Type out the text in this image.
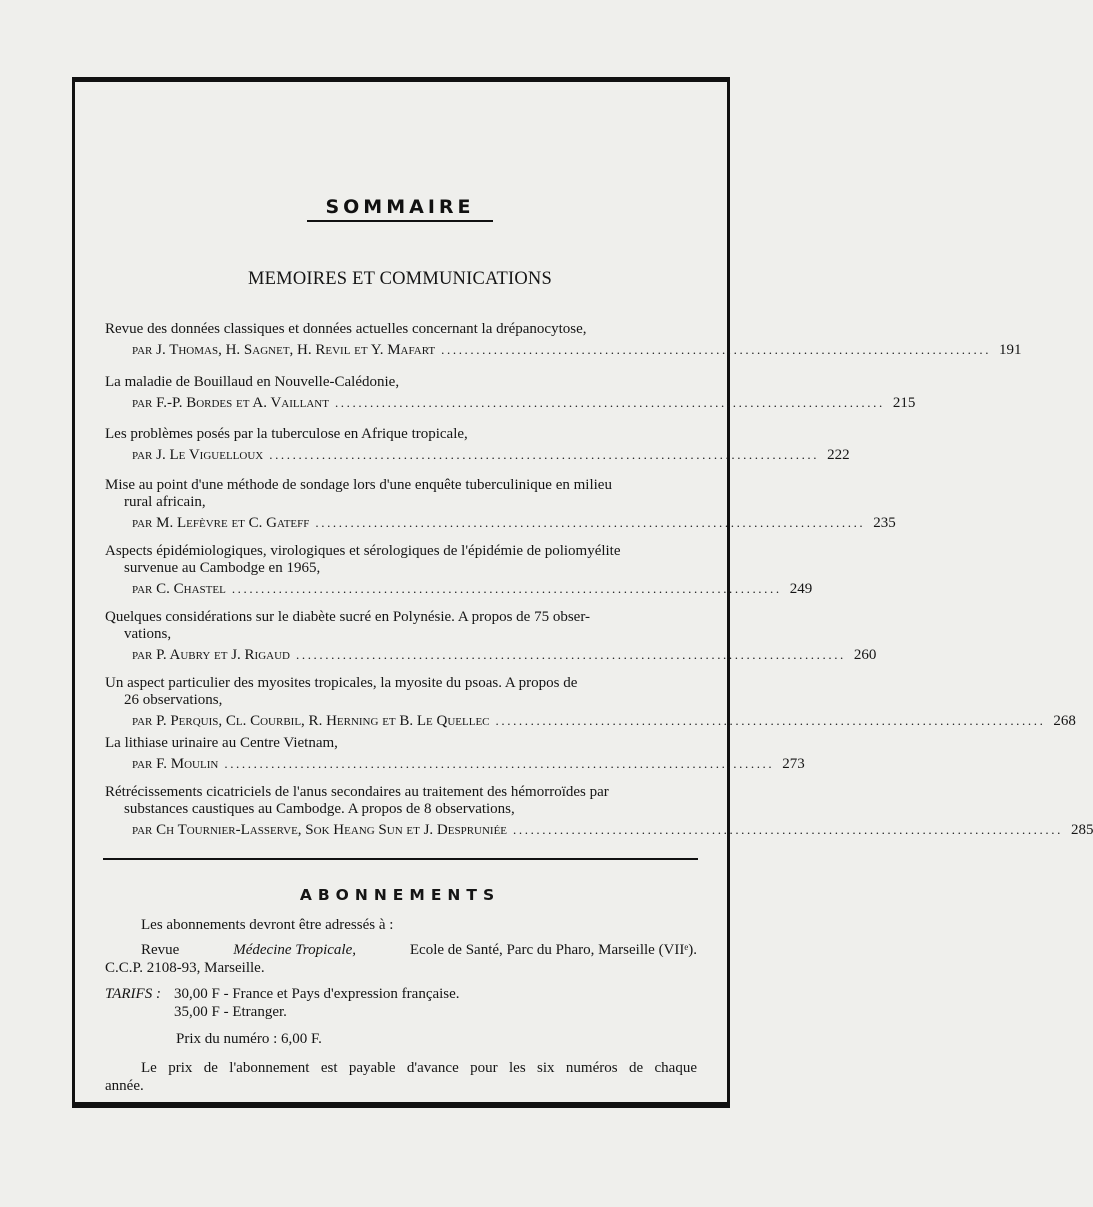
SOMMAIRE
MEMOIRES ET COMMUNICATIONS
Revue des données classiques et données actuelles concernant la drépanocytose,
par J. Thomas, H. Sagnet, H. Revil et Y. Mafart .............................................................................................. 191
La maladie de Bouillaud en Nouvelle-Calédonie,
par F.-P. Bordes et A. Vaillant .............................................................................................. 215
Les problèmes posés par la tuberculose en Afrique tropicale,
par J. Le Viguelloux .............................................................................................. 222
Mise au point d'une méthode de sondage lors d'une enquête tuberculinique en milieu
rural africain,
par M. Lefèvre et C. Gateff .............................................................................................. 235
Aspects épidémiologiques, virologiques et sérologiques de l'épidémie de poliomyélite
survenue au Cambodge en 1965,
par C. Chastel .............................................................................................. 249
Quelques considérations sur le diabète sucré en Polynésie. A propos de 75 obser-
vations,
par P. Aubry et J. Rigaud .............................................................................................. 260
Un aspect particulier des myosites tropicales, la myosite du psoas. A propos de
26 observations,
par P. Perquis, Cl. Courbil, R. Herning et B. Le Quellec .............................................................................................. 268
La lithiase urinaire au Centre Vietnam,
par F. Moulin .............................................................................................. 273
Rétrécissements cicatriciels de l'anus secondaires au traitement des hémorroïdes par
substances caustiques au Cambodge. A propos de 8 observations,
par Ch Tournier-Lasserve, Sok Heang Sun et J. Despruniée .............................................................................................. 285
ABONNEMENTS
Les abonnements devront être adressés à :
Revue	Médecine Tropicale,	Ecole de Santé, Parc du Pharo, Marseille (VIIᵉ).
C.C.P. 2108-93, Marseille.
TARIFS : 30,00 F - France et Pays d'expression française.
35,00 F - Etranger.
Prix du numéro : 6,00 F.
Le prix de l'abonnement est payable d'avance pour les six numéros de chaque
année.
